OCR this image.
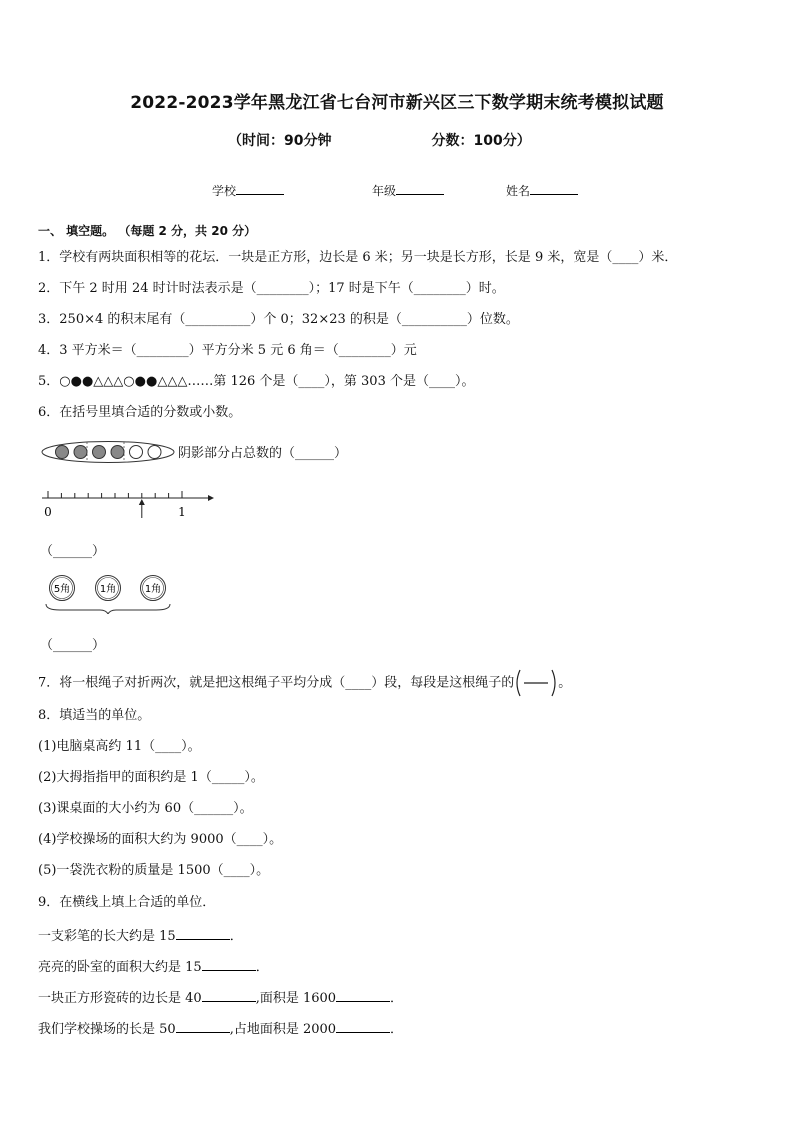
2022-2023学年黑龙江省七台河市新兴区三下数学期末统考模拟试题
（时间：90分钟	分数：100分）
学校	年级	姓名
一、 填空题。 （每题 2 分，共 20 分）
1．学校有两块面积相等的花坛．一块是正方形，边长是 6 米；另一块是长方形，长是 9 米，宽是（____）米．
2．下午 2 时用 24 时计时法表示是（________）；17 时是下午（________）时。
3．250×4 的积末尾有（__________）个 0；32×23 的积是（__________）位数。
4．3 平方米＝（________）平方分米 5 元 6 角＝（________）元
5．○●●△△△○●●△△△……第 126 个是（____），第 303 个是（____）。
6．在括号里填合适的分数或小数。
阴影部分占总数的（______）
0	1
（______）
5角	1角	1角
（______）
7．将一根绳子对折两次，就是把这根绳子平均分成（____）段，每段是这根绳子的	。
8．填适当的单位。
(1)电脑桌高约 11（____）。
(2)大拇指指甲的面积约是 1（_____）。
(3)课桌面的大小约为 60（______）。
(4)学校操场的面积大约为 9000（____）。
(5)一袋洗衣粉的质量是 1500（____）。
9．在横线上填上合适的单位．
一支彩笔的长大约是 15	．
亮亮的卧室的面积大约是 15	．
一块正方形瓷砖的边长是 40	,面积是 1600	．
我们学校操场的长是 50	,占地面积是 2000	．
